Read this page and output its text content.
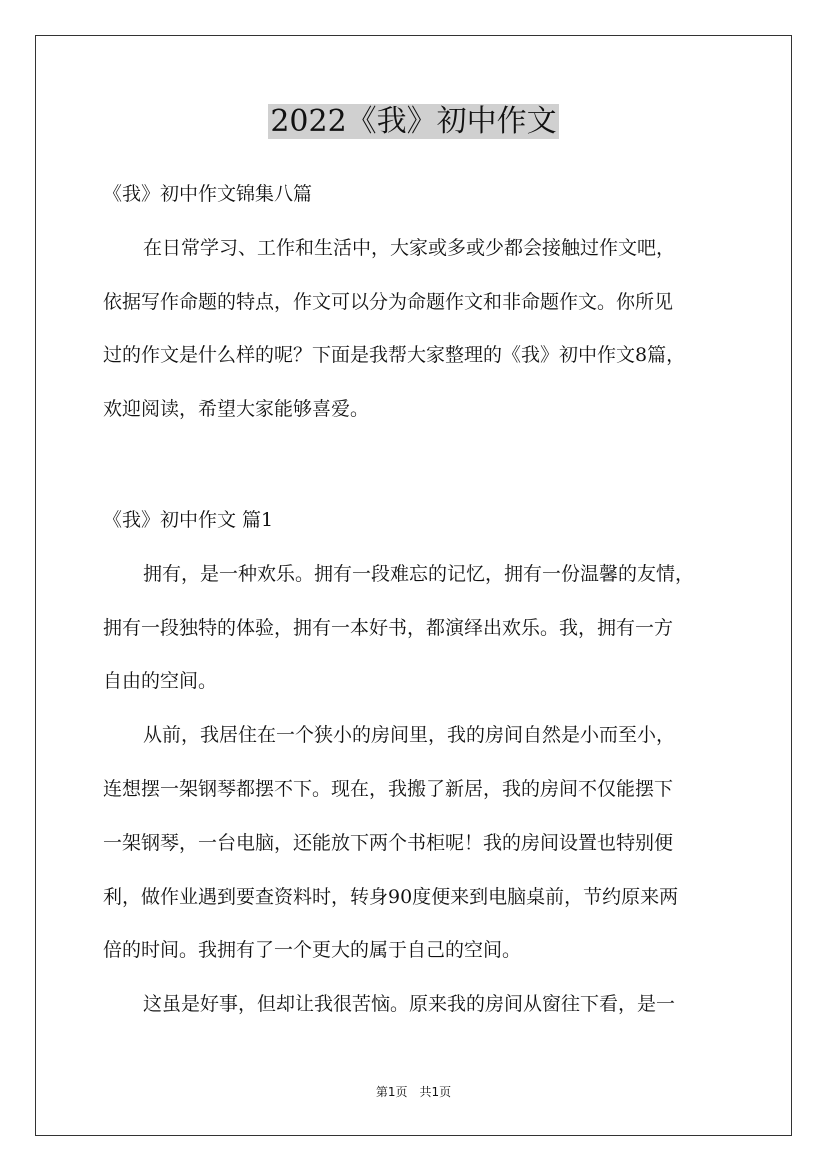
2022《我》初中作文
《我》初中作文锦集八篇
在日常学习、工作和生活中，大家或多或少都会接触过作文吧，
依据写作命题的特点，作文可以分为命题作文和非命题作文。你所见
过的作文是什么样的呢？下面是我帮大家整理的《我》初中作文8篇，
欢迎阅读，希望大家能够喜爱。
《我》初中作文 篇1
拥有，是一种欢乐。拥有一段难忘的记忆，拥有一份温馨的友情，
拥有一段独特的体验，拥有一本好书，都演绎出欢乐。我，拥有一方
自由的空间。
从前，我居住在一个狭小的房间里，我的房间自然是小而至小，
连想摆一架钢琴都摆不下。现在，我搬了新居，我的房间不仅能摆下
一架钢琴，一台电脑，还能放下两个书柜呢！我的房间设置也特别便
利，做作业遇到要查资料时，转身90度便来到电脑桌前，节约原来两
倍的时间。我拥有了一个更大的属于自己的空间。
这虽是好事，但却让我很苦恼。原来我的房间从窗往下看，是一
第1页　共1页
